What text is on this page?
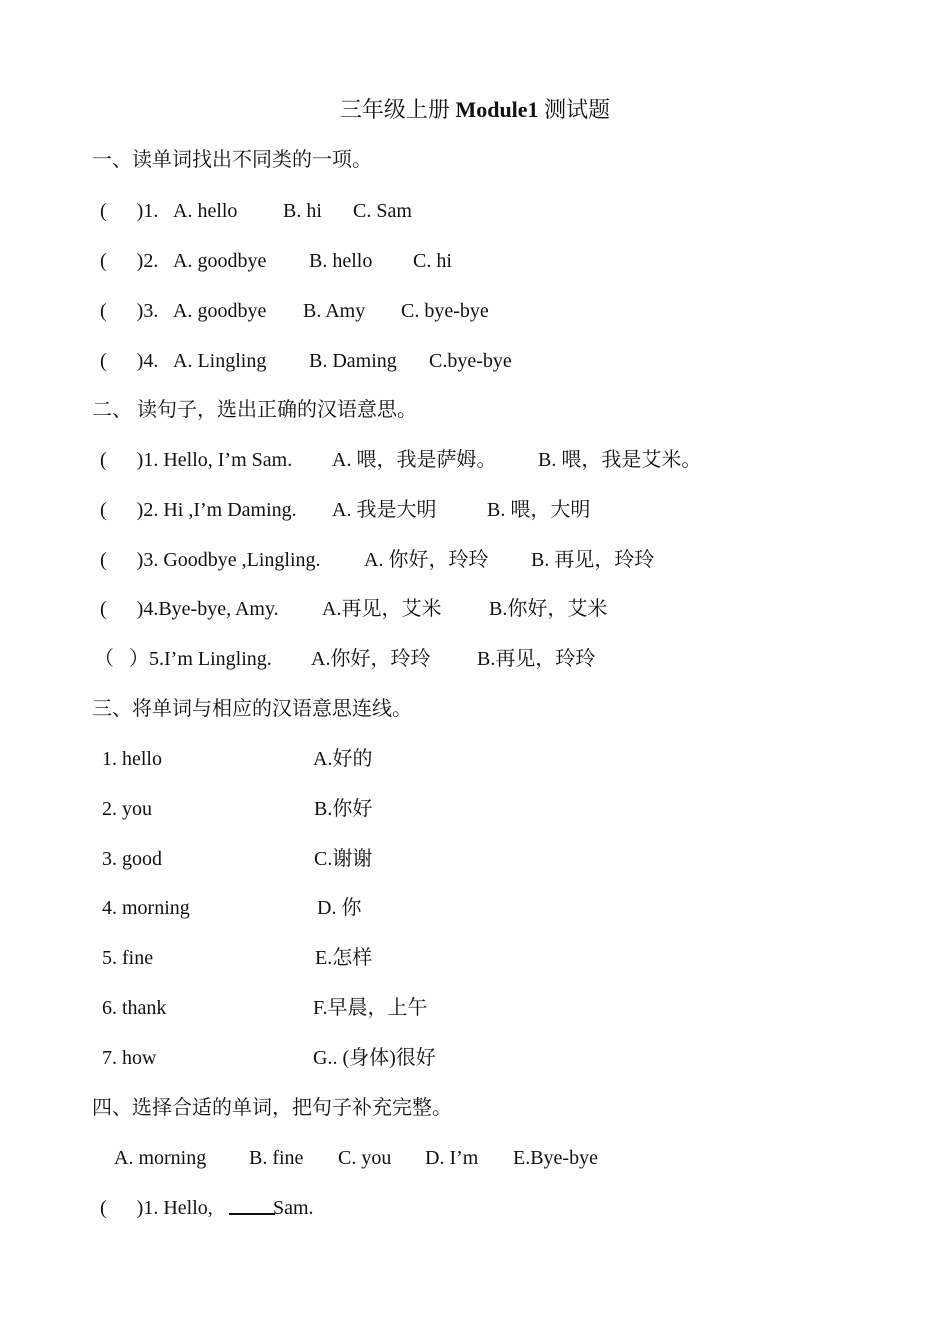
三年级上册 Module1 测试题
一、读单词找出不同类的一项。
(      )1. A. hello B. hi C. Sam
(      )2. A. goodbye B. hello C. hi
(      )3. A. goodbye B. Amy C. bye-bye
(      )4. A. Lingling B. Daming C.bye-bye
二、 读句子，选出正确的汉语意思。
(      )1. Hello, I’m Sam. A. 喂，我是萨姆。 B. 喂，我是艾米。
(      )2. Hi ,I’m Daming. A. 我是大明	B. 喂，大明
(      )3. Goodbye ,Lingling. A. 你好，玲玲 B. 再见，玲玲
(      )4.Bye-bye, Amy. A.再见，艾米 B.你好，艾米
（   ）5.I’m Lingling. A.你好，玲玲 B.再见，玲玲
三、将单词与相应的汉语意思连线。
1. hello	A.好的
2. you	B.你好
3. good	C.谢谢
4. morning	D. 你
5. fine	E.怎样
6. thank	F.早晨，上午
7. how	G.. (身体)很好
四、选择合适的单词，把句子补充完整。
A. morning B. fine C. you D. I’m E.Bye-bye
(      )1. Hello,	Sam.
